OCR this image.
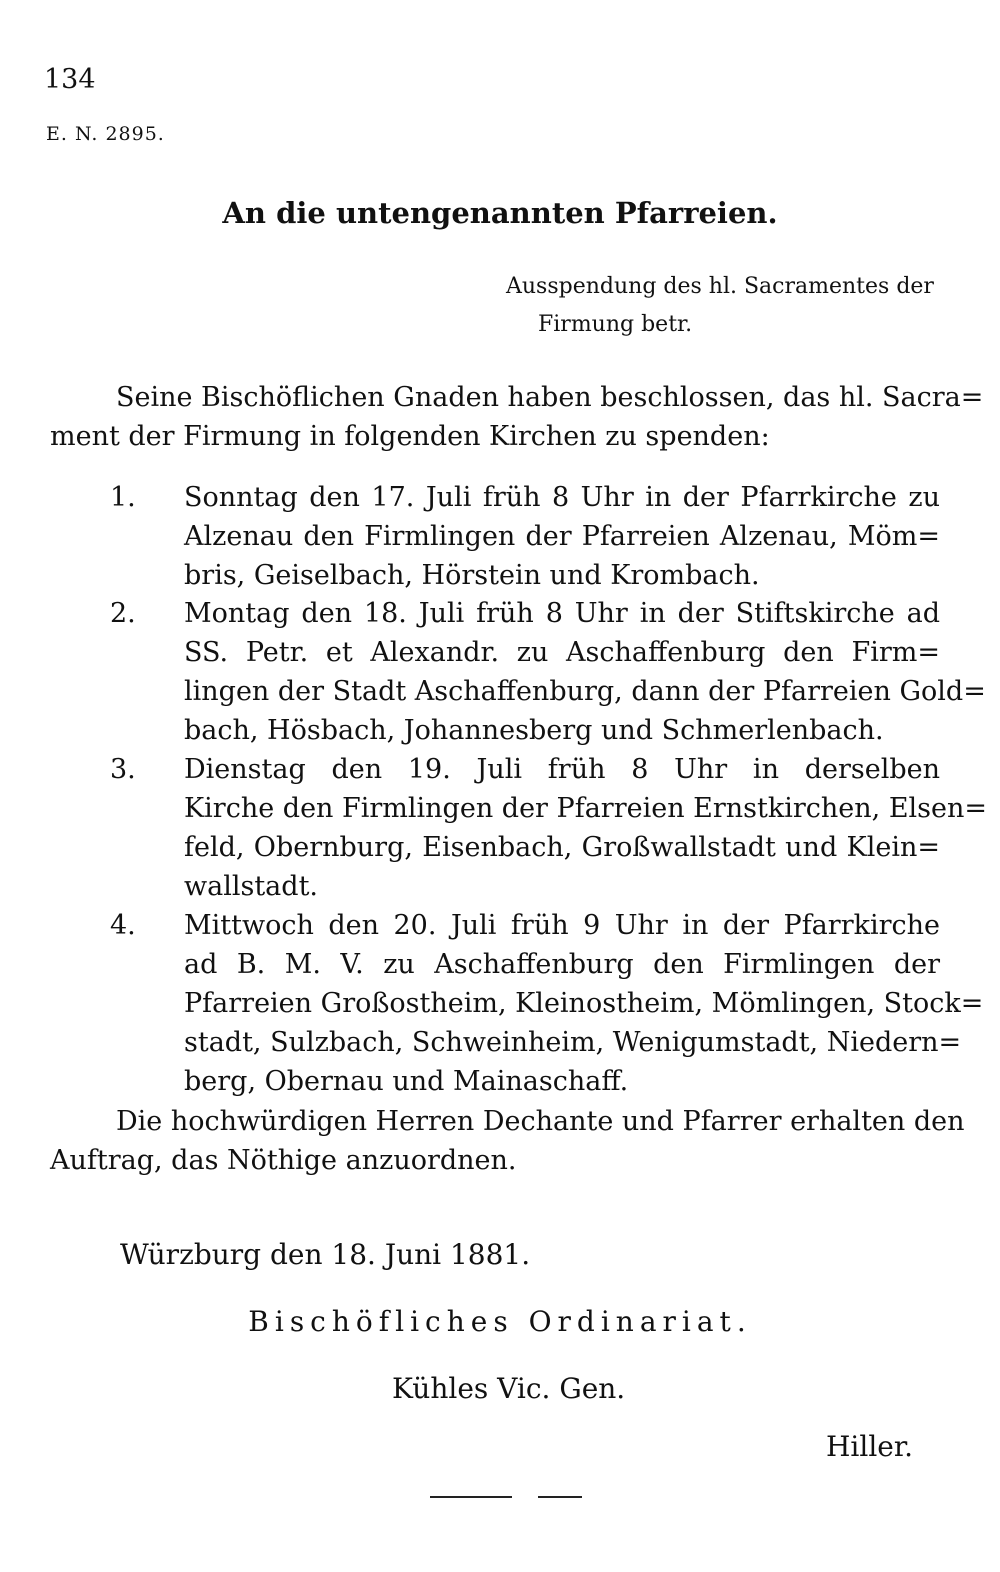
134
E. N. 2895.
An die untengenannten Pfarreien.
Ausspendung des hl. Sacramentes der
Firmung betr.
Seine Bischöflichen Gnaden haben beschlossen, das hl. Sacra=
ment der Firmung in folgenden Kirchen zu spenden:
1. Sonntag den 17. Juli früh 8 Uhr in der Pfarrkirche zu
Alzenau den Firmlingen der Pfarreien Alzenau, Möm=
bris, Geiselbach, Hörstein und Krombach.
2. Montag den 18. Juli früh 8 Uhr in der Stiftskirche ad
SS. Petr. et Alexandr. zu Aschaffenburg den Firm=
lingen der Stadt Aschaffenburg, dann der Pfarreien Gold=
bach, Hösbach, Johannesberg und Schmerlenbach.
3. Dienstag den 19. Juli früh 8 Uhr in derselben
Kirche den Firmlingen der Pfarreien Ernstkirchen, Elsen=
feld, Obernburg, Eisenbach, Großwallstadt und Klein=
wallstadt.
4. Mittwoch den 20. Juli früh 9 Uhr in der Pfarrkirche
ad B. M. V. zu Aschaffenburg den Firmlingen der
Pfarreien Großostheim, Kleinostheim, Mömlingen, Stock=
stadt, Sulzbach, Schweinheim, Wenigumstadt, Niedern=
berg, Obernau und Mainaschaff.
Die hochwürdigen Herren Dechante und Pfarrer erhalten den
Auftrag, das Nöthige anzuordnen.
Würzburg den 18. Juni 1881.
Bischöfliches Ordinariat.
Kühles Vic. Gen.
Hiller.
